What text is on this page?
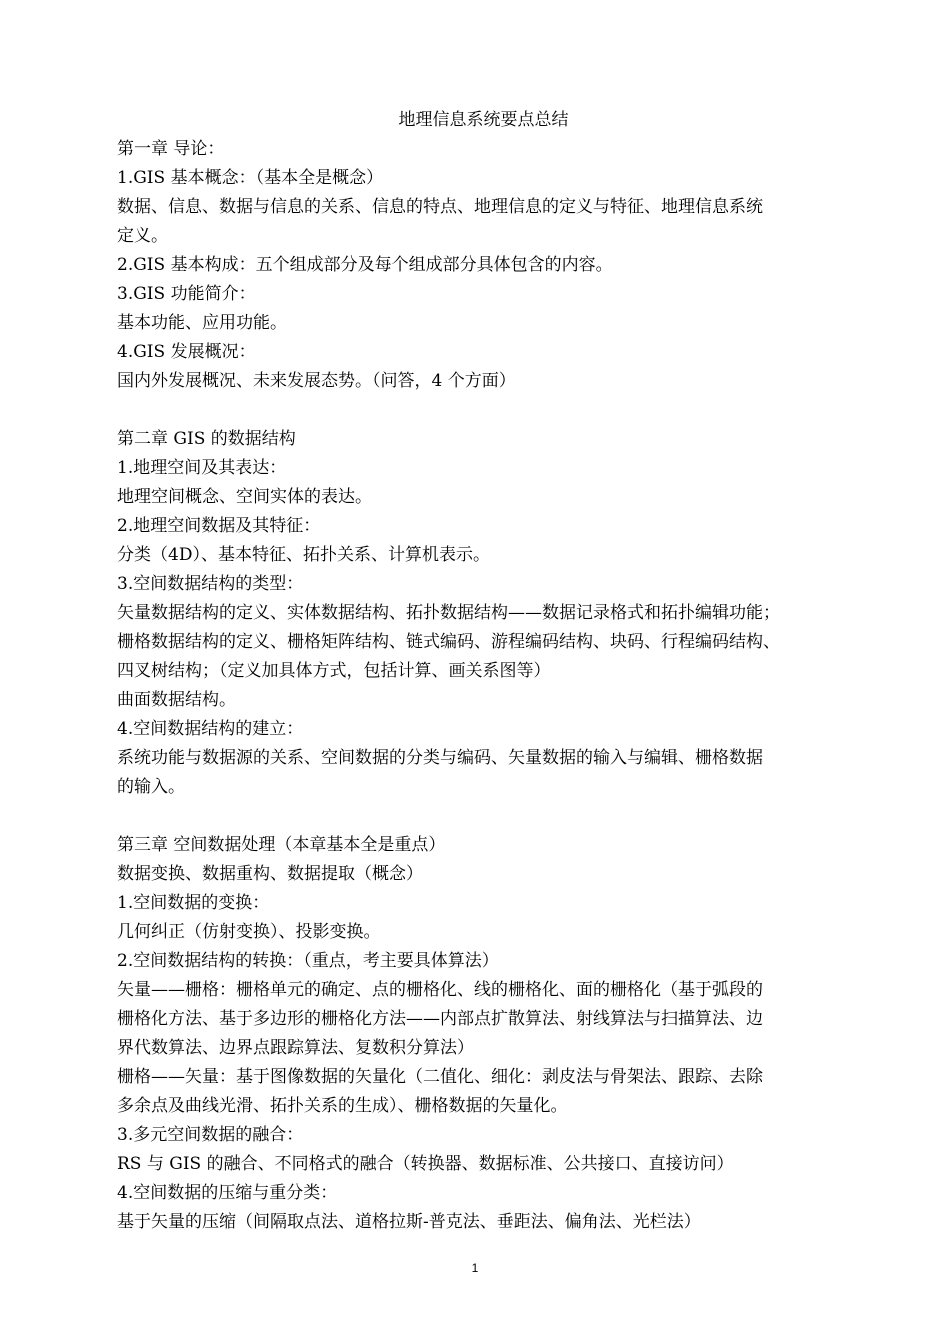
地理信息系统要点总结
第一章 导论：
1.GIS 基本概念：（基本全是概念）
数据、信息、数据与信息的关系、信息的特点、地理信息的定义与特征、地理信息系统
定义。
2.GIS 基本构成：五个组成部分及每个组成部分具体包含的内容。
3.GIS 功能简介：
基本功能、应用功能。
4.GIS 发展概况：
国内外发展概况、未来发展态势。（问答，4 个方面）
第二章 GIS 的数据结构
1.地理空间及其表达：
地理空间概念、空间实体的表达。
2.地理空间数据及其特征：
分类（4D）、基本特征、拓扑关系、计算机表示。
3.空间数据结构的类型：
矢量数据结构的定义、实体数据结构、拓扑数据结构——数据记录格式和拓扑编辑功能；
栅格数据结构的定义、栅格矩阵结构、链式编码、游程编码结构、块码、行程编码结构、
四叉树结构；（定义加具体方式，包括计算、画关系图等）
曲面数据结构。
4.空间数据结构的建立：
系统功能与数据源的关系、空间数据的分类与编码、矢量数据的输入与编辑、栅格数据
的输入。
第三章 空间数据处理（本章基本全是重点）
数据变换、数据重构、数据提取（概念）
1.空间数据的变换：
几何纠正（仿射变换）、投影变换。
2.空间数据结构的转换：（重点，考主要具体算法）
矢量——栅格：栅格单元的确定、点的栅格化、线的栅格化、面的栅格化（基于弧段的
栅格化方法、基于多边形的栅格化方法——内部点扩散算法、射线算法与扫描算法、边
界代数算法、边界点跟踪算法、复数积分算法）
栅格——矢量：基于图像数据的矢量化（二值化、细化：剥皮法与骨架法、跟踪、去除
多余点及曲线光滑、拓扑关系的生成）、栅格数据的矢量化。
3.多元空间数据的融合：
RS 与 GIS 的融合、不同格式的融合（转换器、数据标准、公共接口、直接访问）
4.空间数据的压缩与重分类：
基于矢量的压缩（间隔取点法、道格拉斯-普克法、垂距法、偏角法、光栏法）
1
